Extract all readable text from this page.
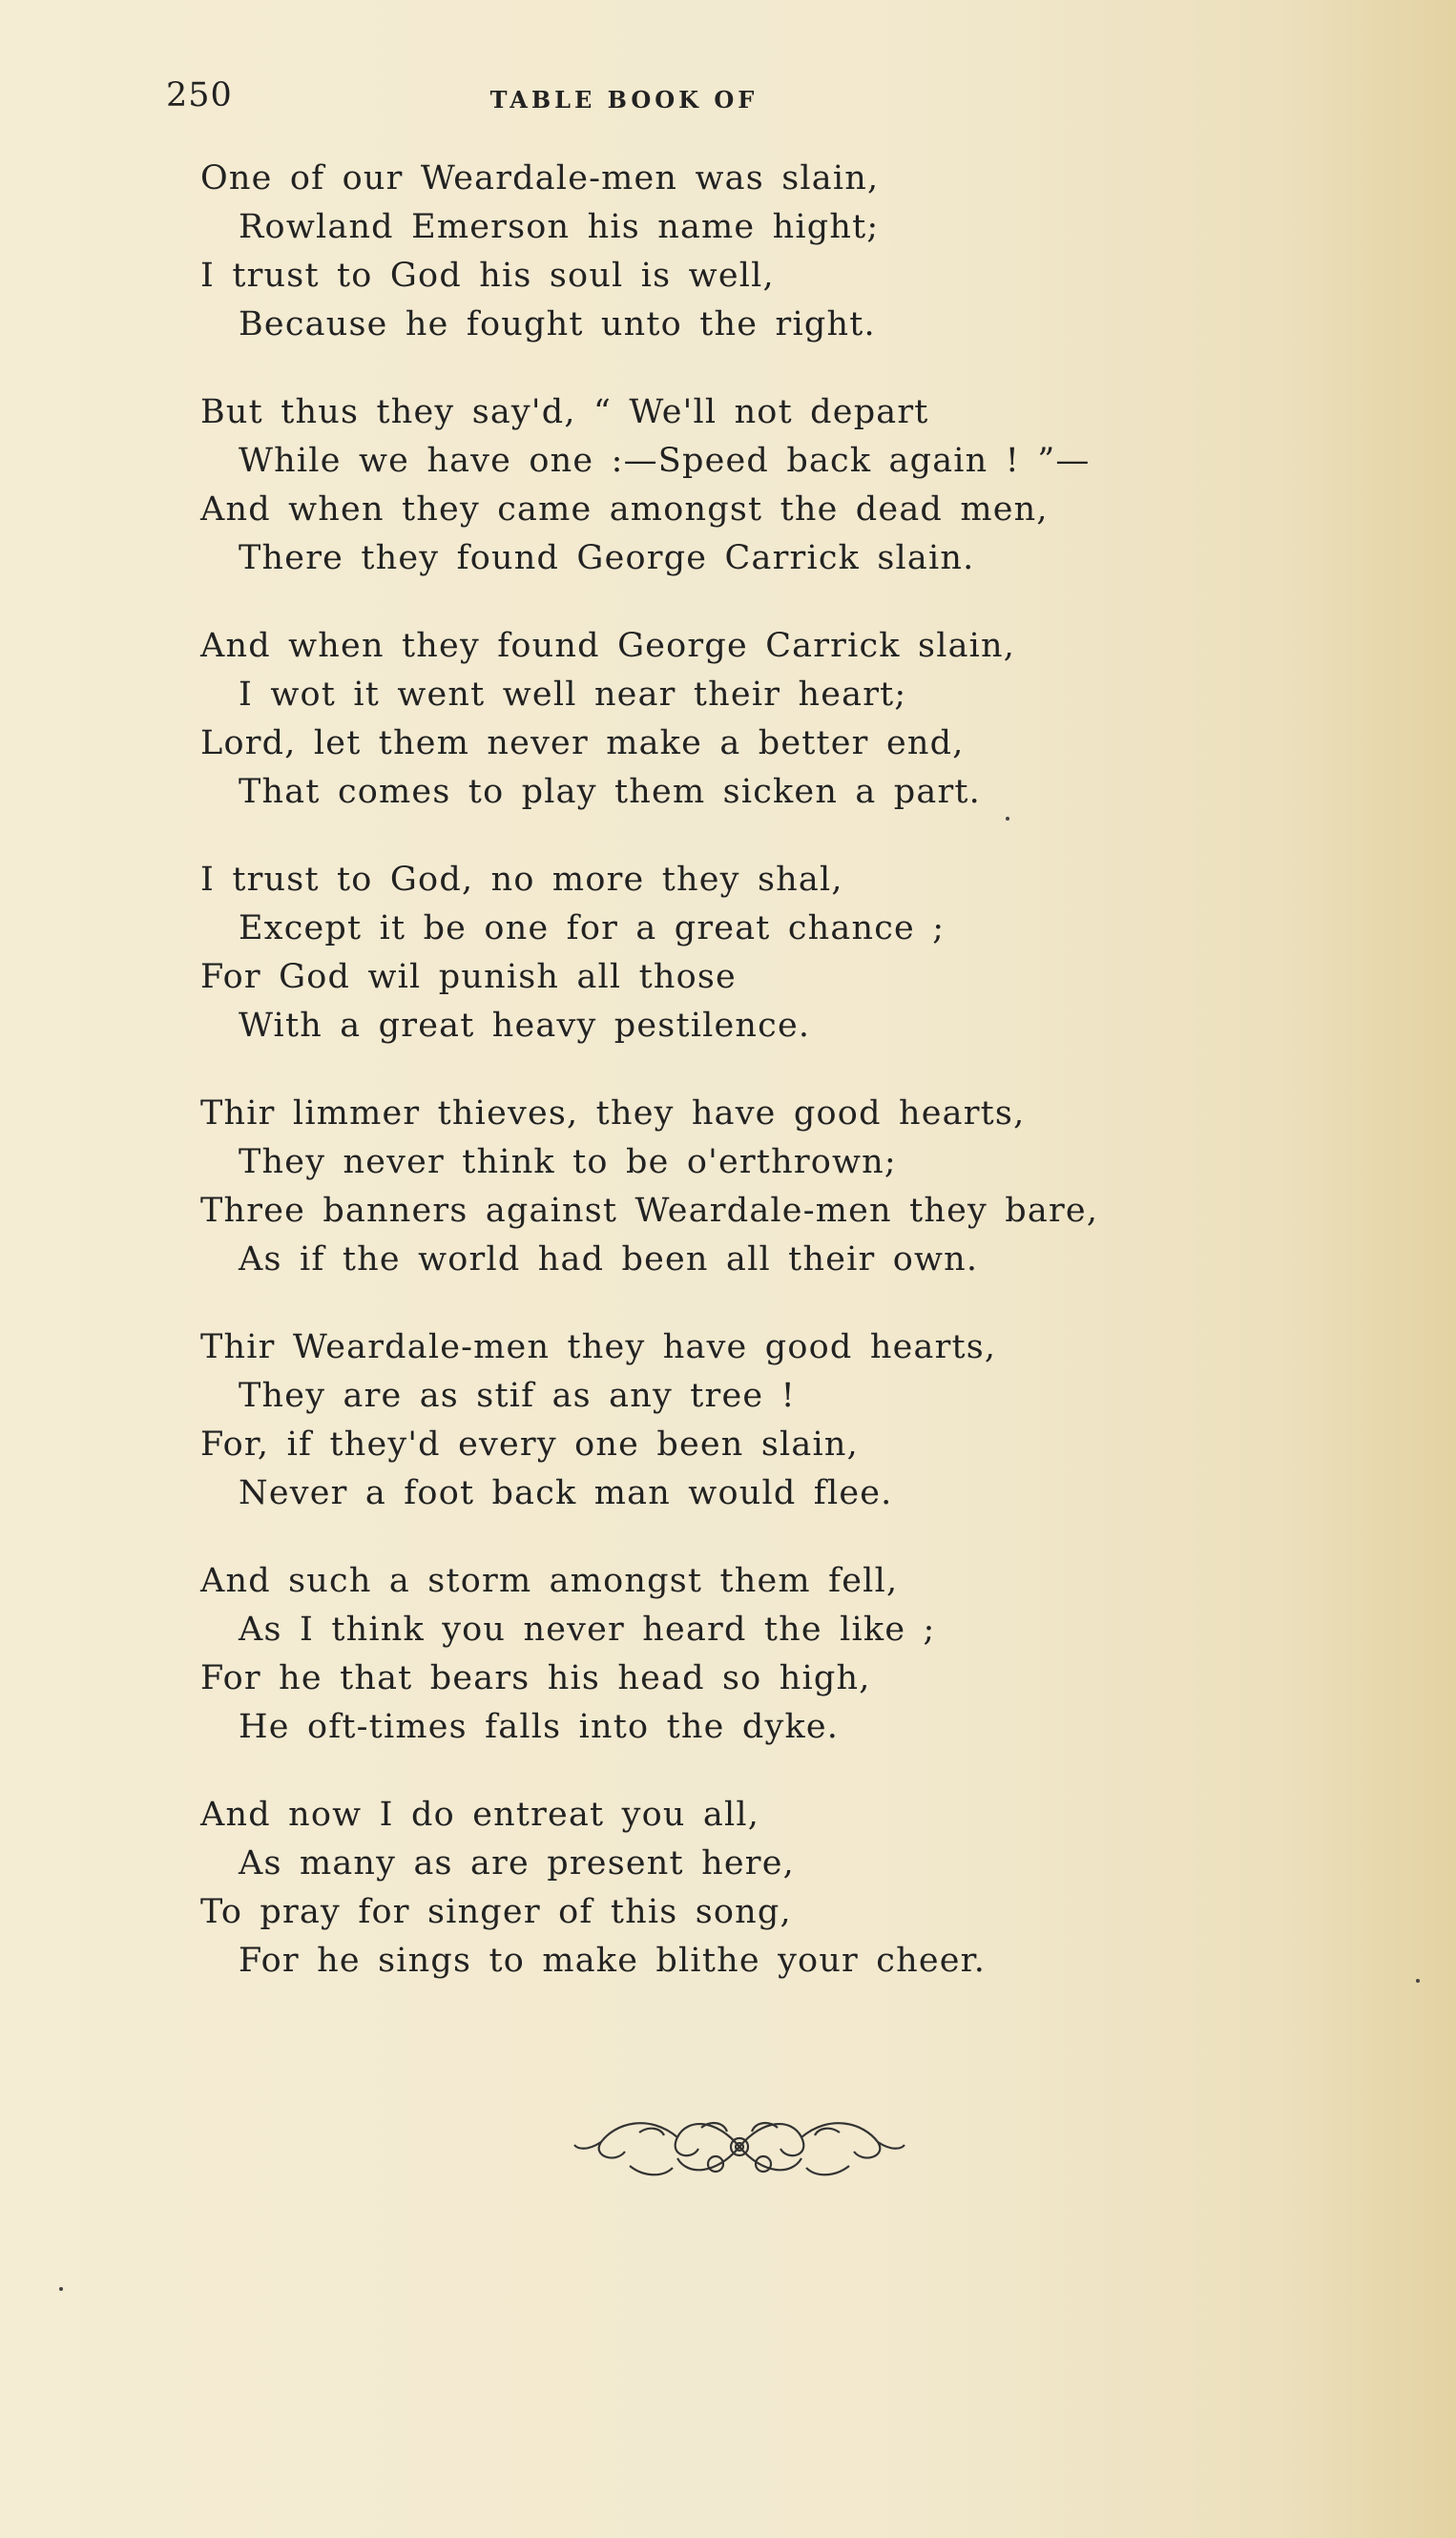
250	TABLE BOOK OF
One of our Weardale-men was slain,
Rowland Emerson his name hight;
I trust to God his soul is well,
Because he fought unto the right.
But thus they say'd, “ We'll not depart
While we have one :—Speed back again ! ”—
And when they came amongst the dead men,
There they found George Carrick slain.
And when they found George Carrick slain,
I wot it went well near their heart;
Lord, let them never make a better end,
That comes to play them sicken a part.
I trust to God, no more they shal,
Except it be one for a great chance ;
For God wil punish all those
With a great heavy pestilence.
Thir limmer thieves, they have good hearts,
They never think to be o'erthrown;
Three banners against Weardale-men they bare,
As if the world had been all their own.
Thir Weardale-men they have good hearts,
They are as stif as any tree !
For, if they'd every one been slain,
Never a foot back man would flee.
And such a storm amongst them fell,
As I think you never heard the like ;
For he that bears his head so high,
He oft-times falls into the dyke.
And now I do entreat you all,
As many as are present here,
To pray for singer of this song,
For he sings to make blithe your cheer.
